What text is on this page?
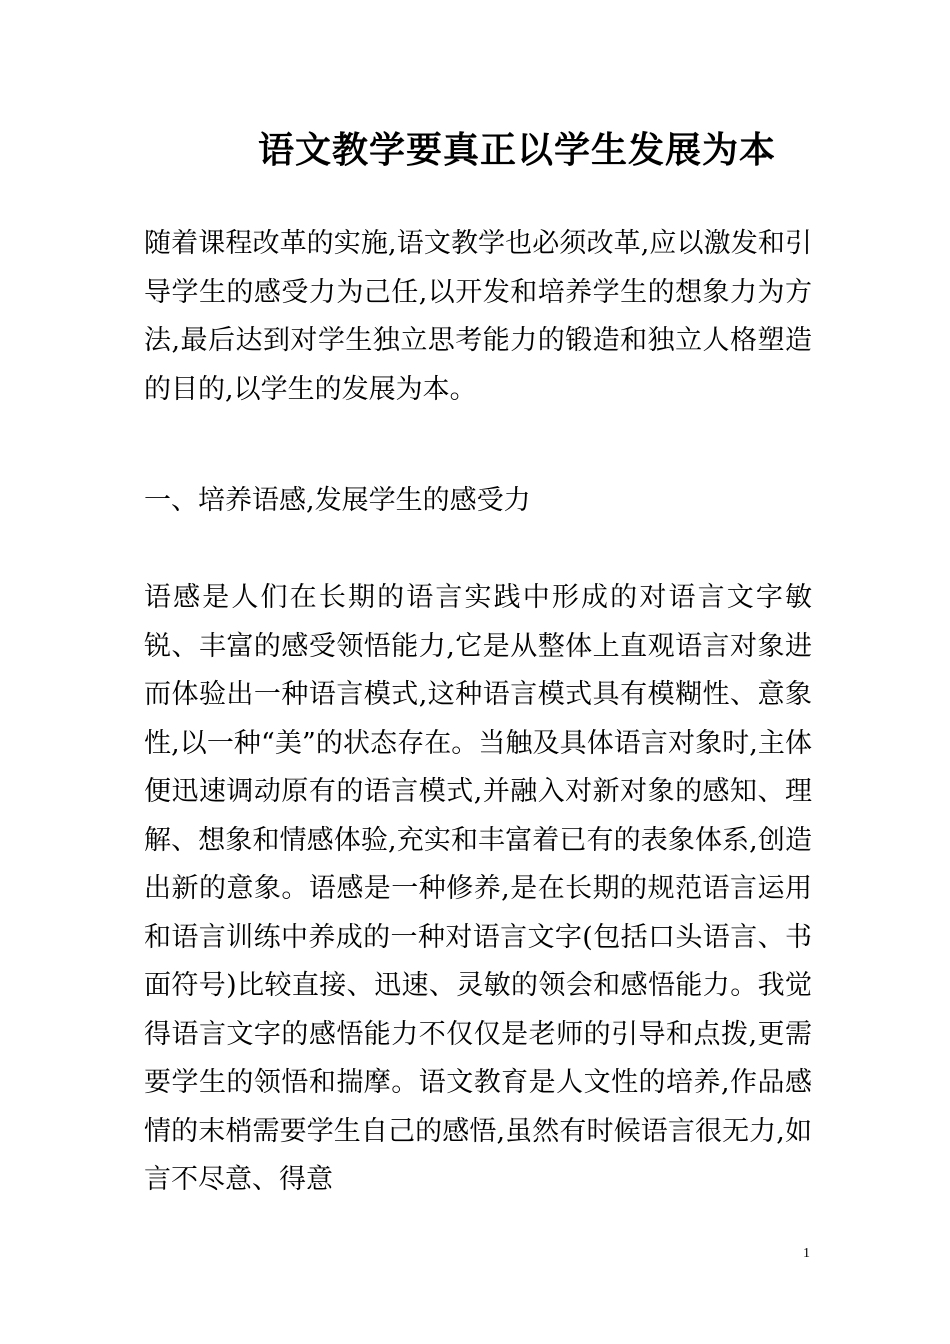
语文教学要真正以学生发展为本

随着课程改革的实施,语文教学也必须改革,应以激发和引导学生的感受力为己任,以开发和培养学生的想象力为方法,最后达到对学生独立思考能力的锻造和独立人格塑造的目的,以学生的发展为本。

一、培养语感,发展学生的感受力

语感是人们在长期的语言实践中形成的对语言文字敏锐、丰富的感受领悟能力,它是从整体上直观语言对象进而体验出一种语言模式,这种语言模式具有模糊性、意象性,以一种“美”的状态存在。当触及具体语言对象时,主体便迅速调动原有的语言模式,并融入对新对象的感知、理解、想象和情感体验,充实和丰富着已有的表象体系,创造出新的意象。语感是一种修养,是在长期的规范语言运用和语言训练中养成的一种对语言文字(包括口头语言、书面符号)比较直接、迅速、灵敏的领会和感悟能力。我觉得语言文字的感悟能力不仅仅是老师的引导和点拨,更需要学生的领悟和揣摩。语文教育是人文性的培养,作品感情的末梢需要学生自己的感悟,虽然有时候语言很无力,如言不尽意、得意

1
